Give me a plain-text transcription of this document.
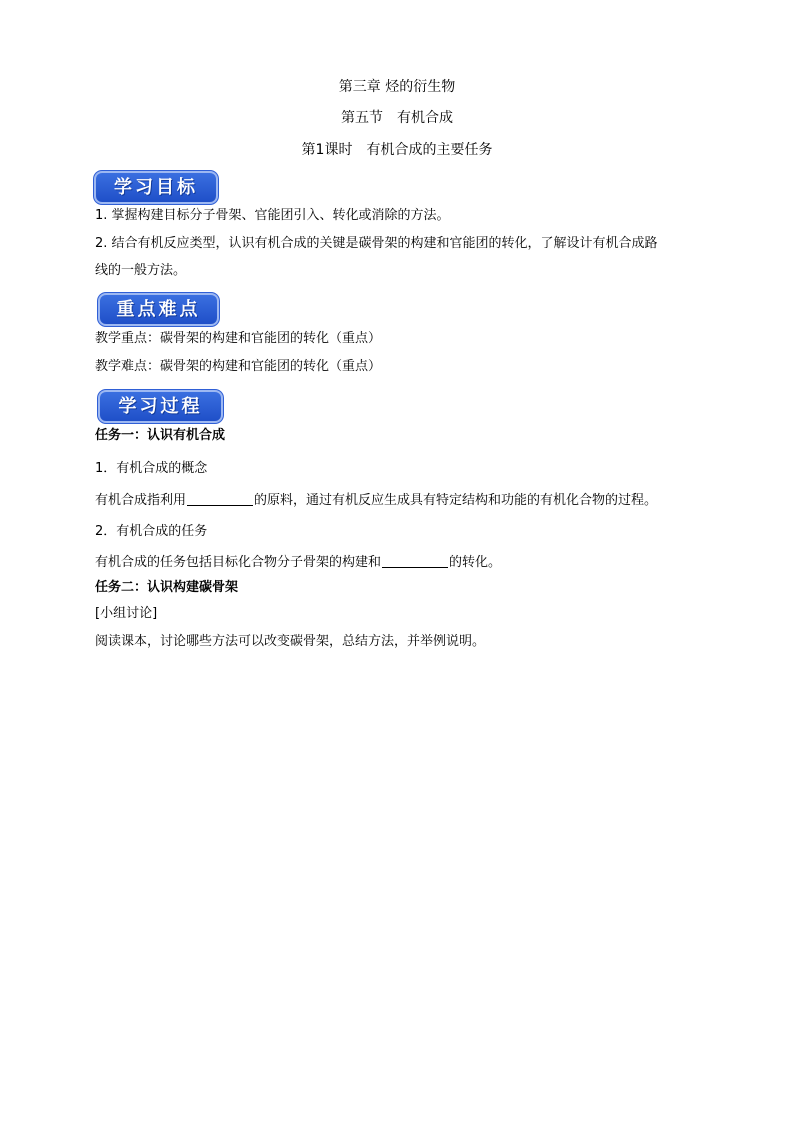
第三章 烃的衍生物
第五节　有机合成
第1课时　有机合成的主要任务
学习目标
1. 掌握构建目标分子骨架、官能团引入、转化或消除的方法。
2. 结合有机反应类型，认识有机合成的关键是碳骨架的构建和官能团的转化，了解设计有机合成路
线的一般方法。
重点难点
教学重点：碳骨架的构建和官能团的转化（重点）
教学难点：碳骨架的构建和官能团的转化（重点）
学习过程
任务一：认识有机合成
1．有机合成的概念
有机合成指利用	的原料，通过有机反应生成具有特定结构和功能的有机化合物的过程。
2．有机合成的任务
有机合成的任务包括目标化合物分子骨架的构建和	的转化。
任务二：认识构建碳骨架
[小组讨论]
阅读课本，讨论哪些方法可以改变碳骨架，总结方法，并举例说明。
